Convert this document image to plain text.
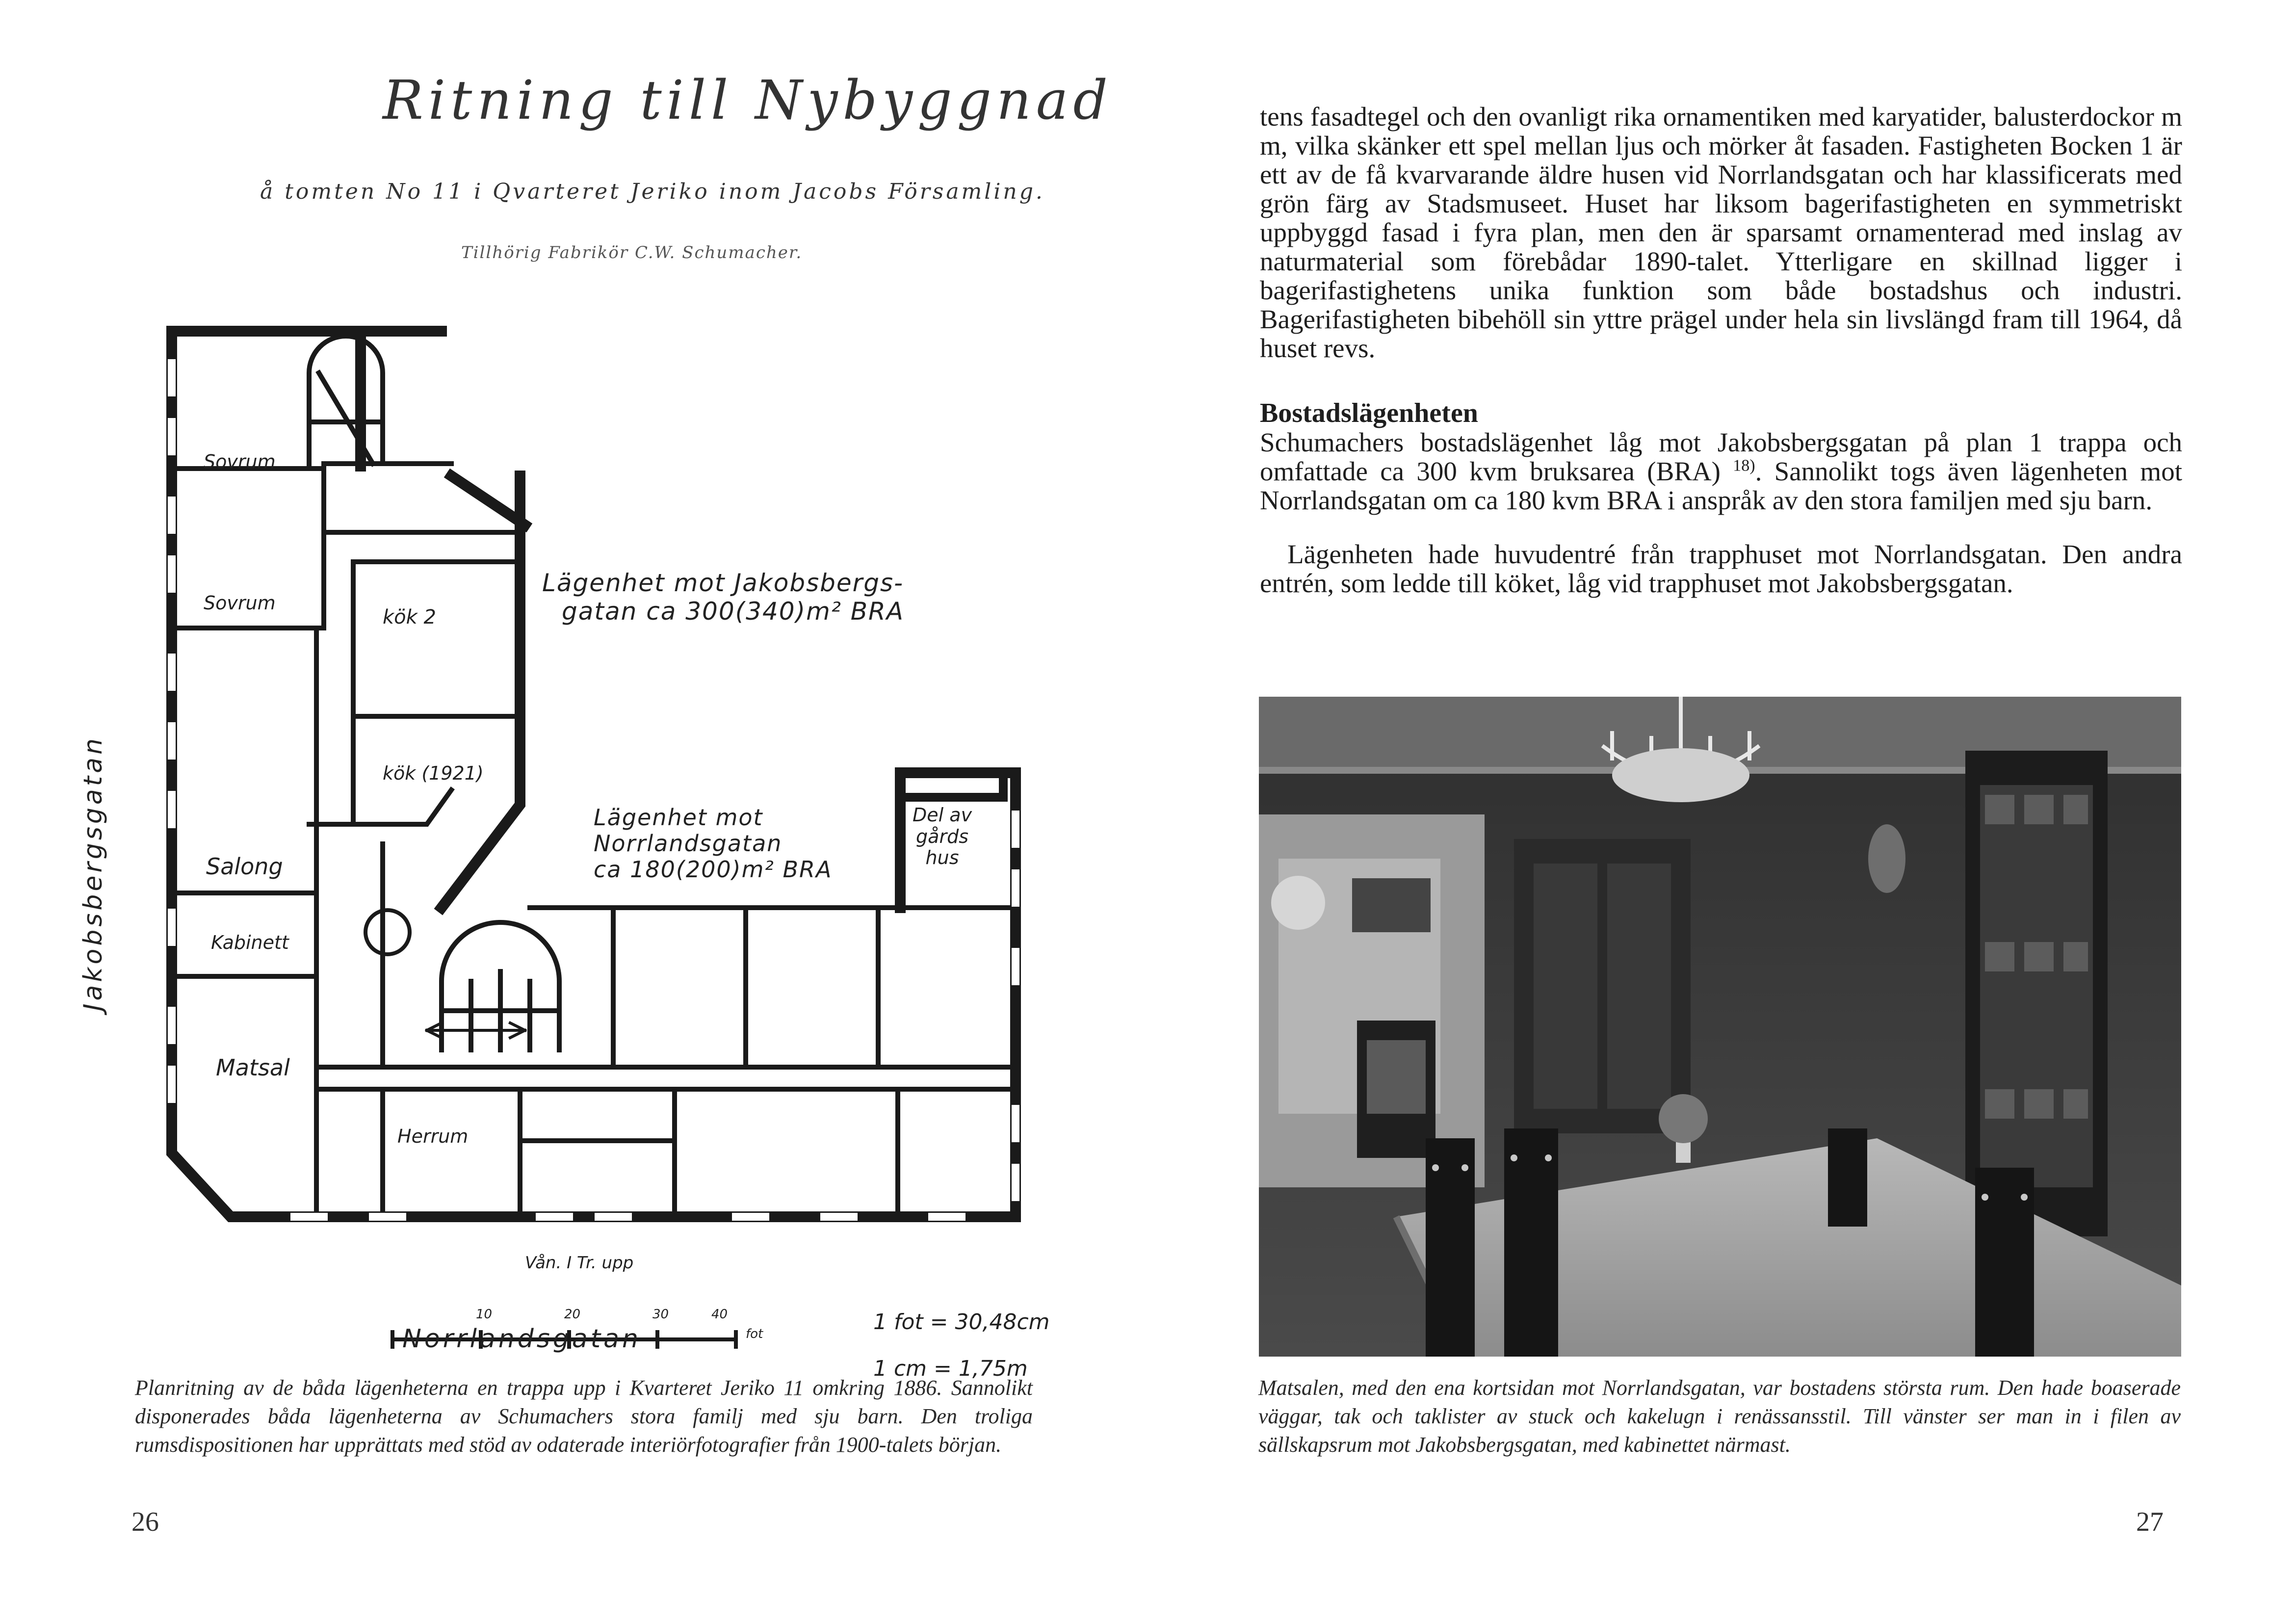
Ritning till Nybyggnad
å tomten No 11 i Qvarteret Jeriko inom Jacobs Församling.
Tillhörig Fabrikör C.W. Schumacher.
Sovrum
Sovrum
kök 2
kök (1921)
Salong
Kabinett
Matsal
Herrum
Del av
gårds
hus
Lägenhet mot Jakobsbergs-
gatan ca 300(340)m² BRA
Lägenhet mot
Norrlandsgatan
ca 180(200)m² BRA
Jakobsbergsgatan
Vån. I Tr. upp
10	20	30	40
fot	1 fot = 30,48cm
1 cm = 1,75m
Norrlandsgatan
Planritning av de båda lägenheterna en trappa upp i Kvarteret Jeriko 11 omkring 1886. Sannolikt disponerades båda lägenheterna av Schumachers stora familj med sju barn. Den troliga rumsdispositionen har upprättats med stöd av odaterade interiörfotografier från 1900-talets början.
26
tens fasadtegel och den ovanligt rika ornamentiken med karyatider, balusterdockor m m, vilka skänker ett spel mellan ljus och mörker åt fasaden. Fastigheten Bocken 1 är ett av de få kvarvarande äldre husen vid Norrlandsgatan och har klassificerats med grön färg av Stadsmuseet. Huset har liksom bagerifastigheten en symmetriskt uppbyggd fasad i fyra plan, men den är sparsamt ornamenterad med inslag av naturmaterial som förebådar 1890-talet. Ytterligare en skillnad ligger i bagerifastighetens unika funktion som både bostadshus och industri. Bagerifastigheten bibehöll sin yttre prägel under hela sin livslängd fram till 1964, då huset revs.
Bostadslägenheten
Schumachers bostadslägenhet låg mot Jakobsbergsgatan på plan 1 trappa och omfattade ca 300 kvm bruksarea (BRA) $^{18)}$. Sannolikt togs även lägenheten mot Norrlandsgatan om ca 180 kvm BRA i anspråk av den stora familjen med sju barn.
Lägenheten hade huvudentré från trapphuset mot Norrlandsgatan. Den andra entrén, som ledde till köket, låg vid trapphuset mot Jakobsbergsgatan.
Matsalen, med den ena kortsidan mot Norrlandsgatan, var bostadens största rum. Den hade boaserade väggar, tak och taklister av stuck och kakelugn i renässansstil. Till vänster ser man in i filen av sällskapsrum mot Jakobsbergsgatan, med kabinettet närmast.
27
